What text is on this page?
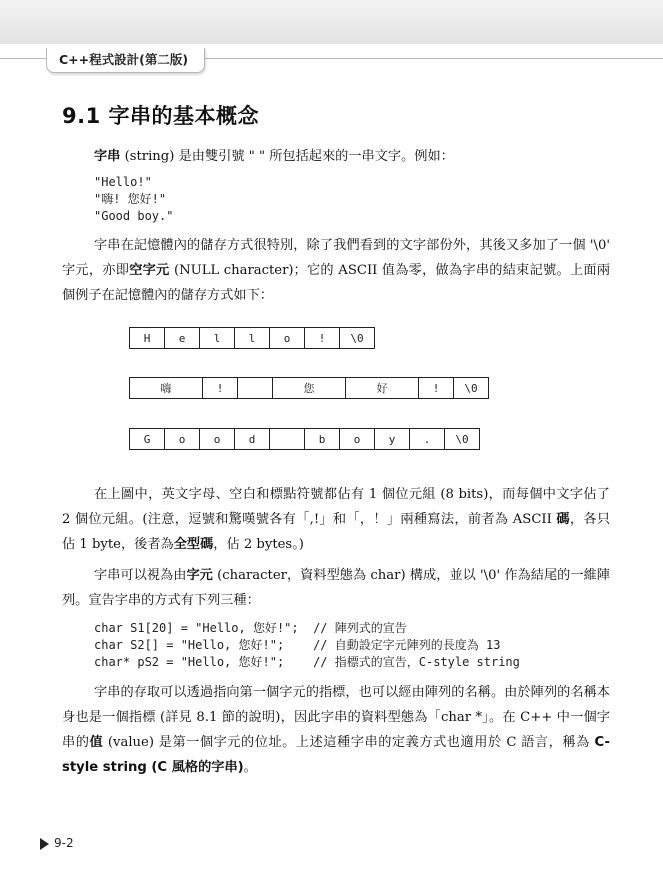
C++程式設計(第二版)
9.1 字串的基本概念

字串 (string) 是由雙引號 " " 所包括起來的一串文字。例如：

"Hello!"
"嗨! 您好!"
"Good boy."

字串在記憶體內的儲存方式很特別，除了我們看到的文字部份外，其後又多加了一個 '\0' 字元，亦即空字元 (NULL character)；它的 ASCII 值為零，做為字串的結束記號。上面兩個例子在記憶體內的儲存方式如下：

H	e	l	l	o	!	\0
嗨	!	您	好	!	\0
G	o	o	d	b	o	y	.	\0

在上圖中，英文字母、空白和標點符號都佔有 1 個位元組 (8 bits)，而每個中文字佔了 2 個位元組。(注意，逗號和驚嘆號各有「,!」和「，！」兩種寫法，前者為 ASCII 碼，各只佔 1 byte，後者為全型碼，佔 2 bytes。)

字串可以視為由字元 (character，資料型態為 char) 構成，並以 '\0' 作為結尾的一維陣列。宣告字串的方式有下列三種：

char S1[20] = "Hello, 您好!";  // 陣列式的宣告
char S2[] = "Hello, 您好!";    // 自動設定字元陣列的長度為 13
char* pS2 = "Hello, 您好!";    // 指標式的宣告，C-style string

字串的存取可以透過指向第一個字元的指標，也可以經由陣列的名稱。由於陣列的名稱本身也是一個指標 (詳見 8.1 節的說明)，因此字串的資料型態為「char *」。在 C++ 中一個字串的值 (value) 是第一個字元的位址。上述這種字串的定義方式也適用於 C 語言，稱為 C-style string (C 風格的字串)。

9-2
